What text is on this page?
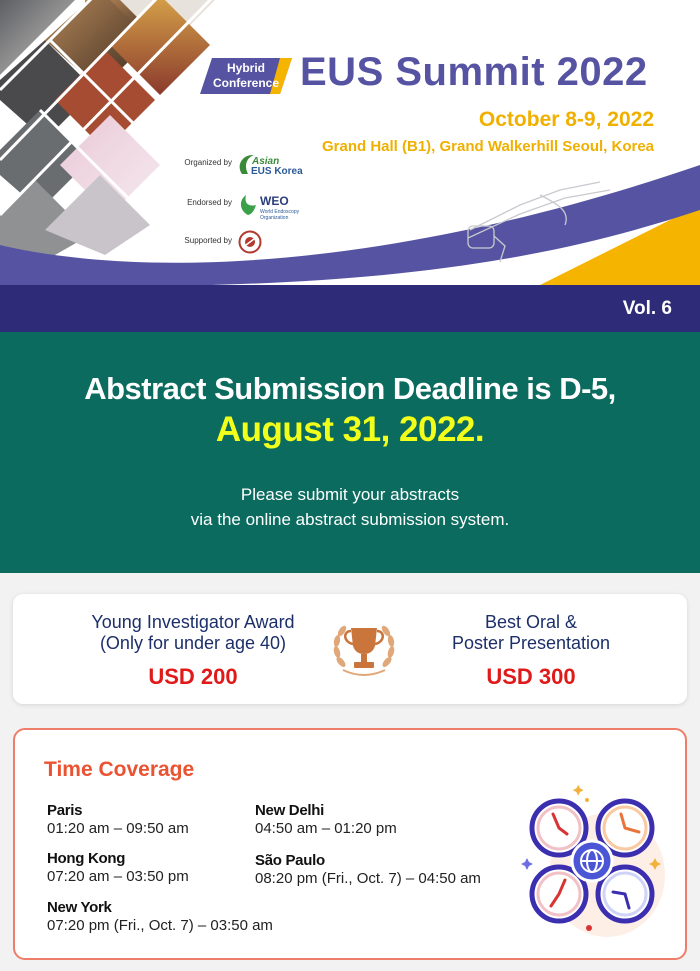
Hybrid
Conference EUS Summit 2022
October 8-9, 2022
Grand Hall (B1), Grand Walkerhill Seoul, Korea
Organized by Asian
EUS Korea
Endorsed by WEO
World Endoscopy
Organization
Supported by
Vol. 6
Abstract Submission Deadline is D-5,
August 31, 2022.
Please submit your abstracts
via the online abstract submission system.
Young Investigator Award
(Only for under age 40)
USD 200
Best Oral &
Poster Presentation
USD 300
Time Coverage
Paris
01:20 am – 09:50 am
New Delhi
04:50 am – 01:20 pm
Hong Kong
07:20 am – 03:50 pm
São Paulo
08:20 pm (Fri., Oct. 7) – 04:50 am
New York
07:20 pm (Fri., Oct. 7) – 03:50 am
